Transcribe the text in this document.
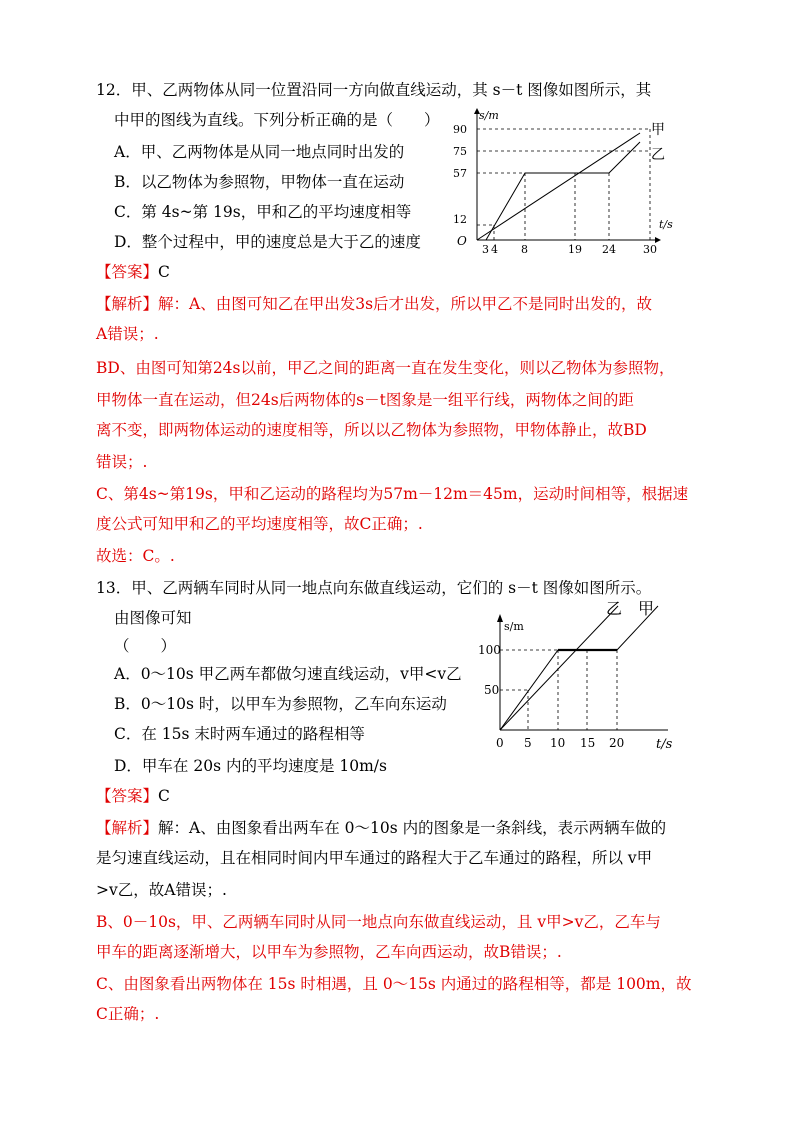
12．甲、乙两物体从同一位置沿同一方向做直线运动，其 s－t 图像如图所示，其
中甲的图线为直线。下列分析正确的是（　　）
A．甲、乙两物体是从同一地点同时出发的
B．以乙物体为参照物，甲物体一直在运动
C．第 4s~第 19s，甲和乙的平均速度相等
D．整个过程中，甲的速度总是大于乙的速度
s/m
t/s
O
甲
乙
90
75
57
12
3 4 8	19 24 30
【答案】C
【解析】解：A、由图可知乙在甲出发3s后才出发，所以甲乙不是同时出发的，故
A错误；.
BD、由图可知第24s以前，甲乙之间的距离一直在发生变化，则以乙物体为参照物，
甲物体一直在运动，但24s后两物体的s－t图象是一组平行线，两物体之间的距
离不变，即两物体运动的速度相等，所以以乙物体为参照物，甲物体静止，故BD
错误；.
C、第4s~第19s，甲和乙运动的路程均为57m－12m＝45m，运动时间相等，根据速
度公式可知甲和乙的平均速度相等，故C正确；.
故选：C。.
13．甲、乙两辆车同时从同一地点向东做直线运动，它们的 s－t 图像如图所示。
由图像可知
（　　）
A．0～10s 甲乙两车都做匀速直线运动，v甲<v乙
B．0～10s 时，以甲车为参照物，乙车向东运动
C．在 15s 末时两车通过的路程相等
D．甲车在 20s 内的平均速度是 10m/s
s/m
t/s
乙 甲
100
50
0 5 10 15 20
【答案】C
【解析】解：A、由图象看出两车在 0～10s 内的图象是一条斜线，表示两辆车做的
是匀速直线运动，且在相同时间内甲车通过的路程大于乙车通过的路程，所以 v甲
>v乙，故A错误；.
B、0－10s，甲、乙两辆车同时从同一地点向东做直线运动，且 v甲>v乙，乙车与
甲车的距离逐渐增大，以甲车为参照物，乙车向西运动，故B错误；.
C、由图象看出两物体在 15s 时相遇，且 0～15s 内通过的路程相等，都是 100m，故
C正确；.
